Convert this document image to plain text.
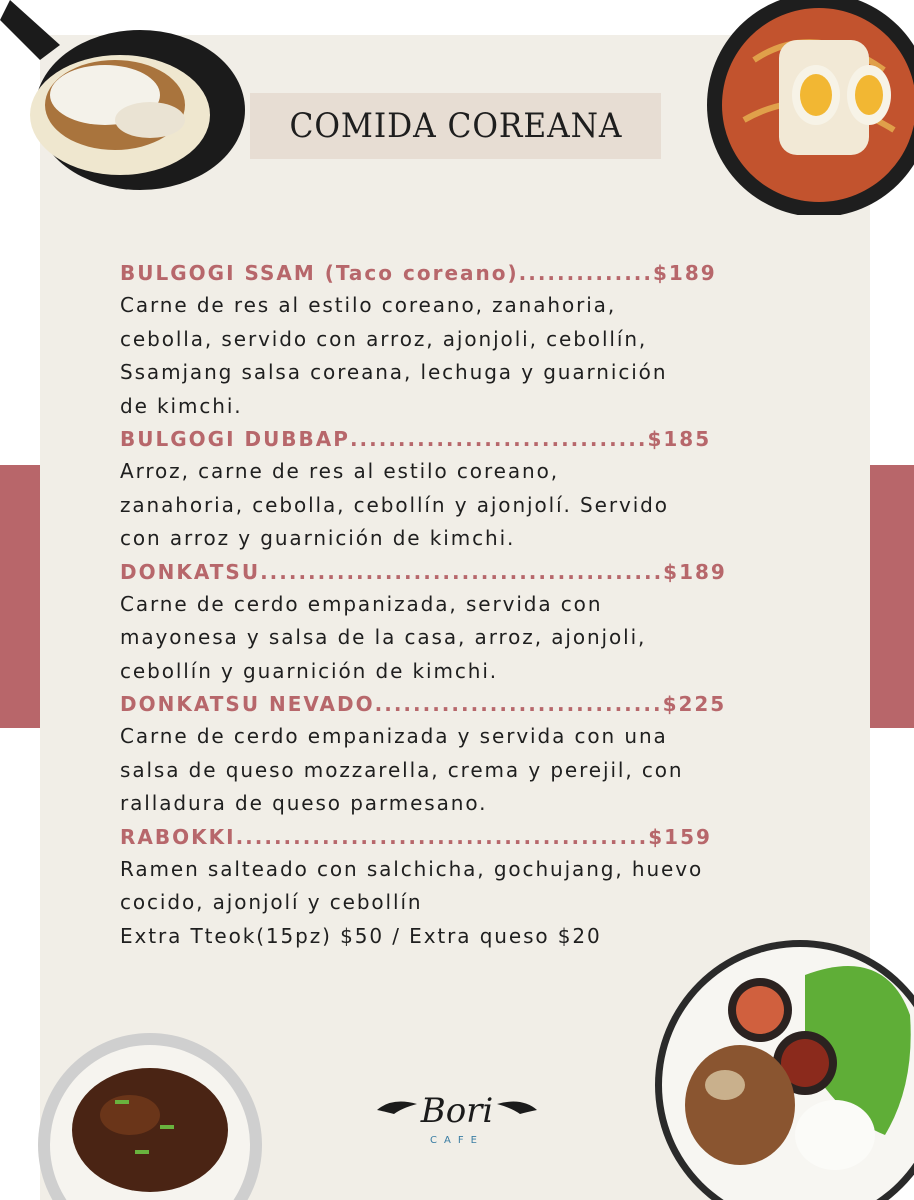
COMIDA COREANA
BULGOGI SSAM (Taco coreano) .............. $189
Carne de res al estilo coreano, zanahoria,
cebolla, servido con arroz, ajonjoli, cebollín,
Ssamjang salsa coreana, lechuga y guarnición
de kimchi.
BULGOGI DUBBAP ............................... $185
Arroz, carne de res al estilo coreano,
zanahoria, cebolla, cebollín y ajonjolí. Servido
con arroz y guarnición de kimchi.
DONKATSU .......................................... $189
Carne de cerdo empanizada, servida con
mayonesa y salsa de la casa, arroz, ajonjoli,
cebollín y guarnición de kimchi.
DONKATSU NEVADO .............................. $225
Carne de cerdo empanizada y servida con una
salsa de queso mozzarella, crema y perejil, con
ralladura de queso parmesano.
RABOKKI ........................................... $159
Ramen salteado con salchicha, gochujang, huevo
cocido, ajonjolí y cebollín
Extra Tteok(15pz) $50 / Extra queso $20
Bori
CAFE
